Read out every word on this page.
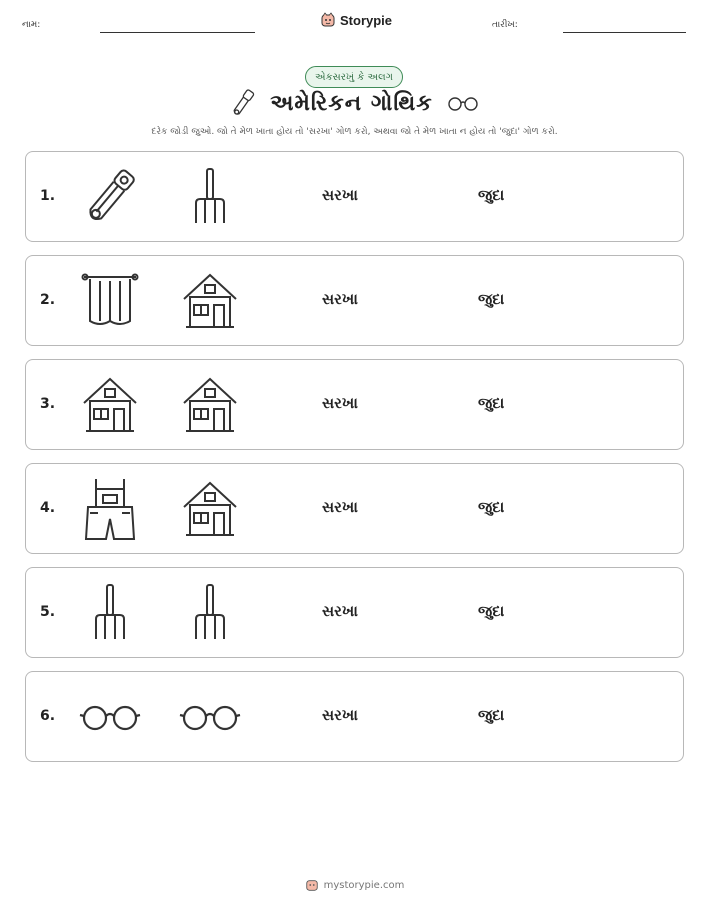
નામ:	Storypie	તારીખ:
એકસરખું કે અલગ
અમેરિકન ગોથિક
દરેક જોડી જુઓ. જો તે મેળ ખાતા હોય તો 'સરખા' ગોળ કરો, અથવા જો તે મેળ ખાતા ન હોય તો 'જુદા' ગોળ કરો.
1.	સરખા	જુદા
2.	સરખા	જુદા
3.	સરખા	જુદા
4.	સરખા	જુદા
5.	સરખા	જુદા
6.	સરખા	જુદા
mystorypie.com
